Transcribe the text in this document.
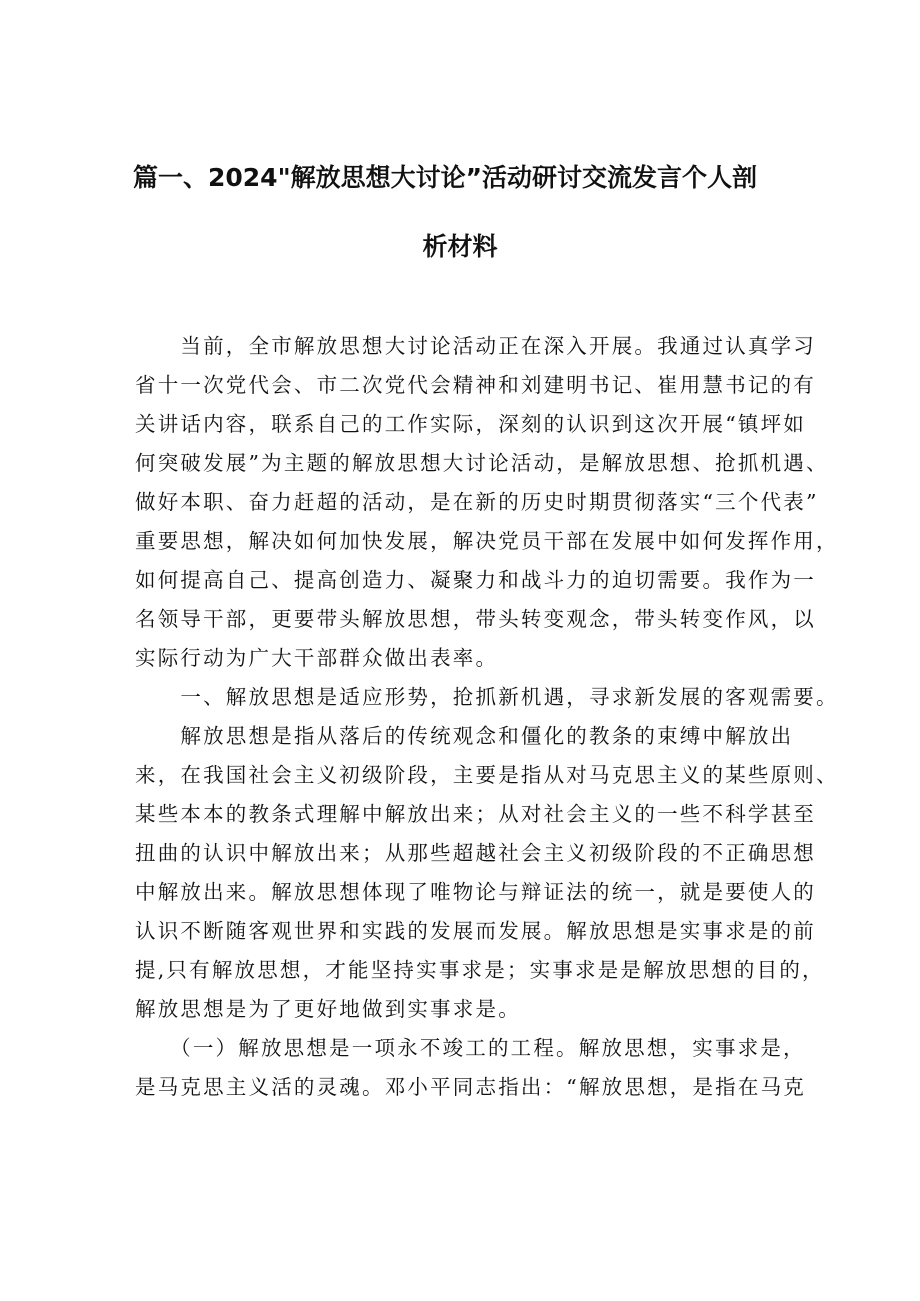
篇一、2024"解放思想大讨论”活动研讨交流发言个人剖
析材料
　　当前，全市解放思想大讨论活动正在深入开展。我通过认真学习
省十一次党代会、市二次党代会精神和刘建明书记、崔用慧书记的有
关讲话内容，联系自己的工作实际，深刻的认识到这次开展“镇坪如
何突破发展”为主题的解放思想大讨论活动，是解放思想、抢抓机遇、
做好本职、奋力赶超的活动，是在新的历史时期贯彻落实“三个代表”
重要思想，解决如何加快发展，解决党员干部在发展中如何发挥作用，
如何提高自己、提高创造力、凝聚力和战斗力的迫切需要。我作为一
名领导干部，更要带头解放思想，带头转变观念，带头转变作风，以
实际行动为广大干部群众做出表率。
　　一、解放思想是适应形势，抢抓新机遇，寻求新发展的客观需要。
　　解放思想是指从落后的传统观念和僵化的教条的束缚中解放出
来，在我国社会主义初级阶段，主要是指从对马克思主义的某些原则、
某些本本的教条式理解中解放出来；从对社会主义的一些不科学甚至
扭曲的认识中解放出来；从那些超越社会主义初级阶段的不正确思想
中解放出来。解放思想体现了唯物论与辩证法的统一，就是要使人的
认识不断随客观世界和实践的发展而发展。解放思想是实事求是的前
提,只有解放思想，才能坚持实事求是；实事求是是解放思想的目的，
解放思想是为了更好地做到实事求是。
　　（一）解放思想是一项永不竣工的工程。解放思想，实事求是，
是马克思主义活的灵魂。邓小平同志指出：“解放思想，是指在马克
